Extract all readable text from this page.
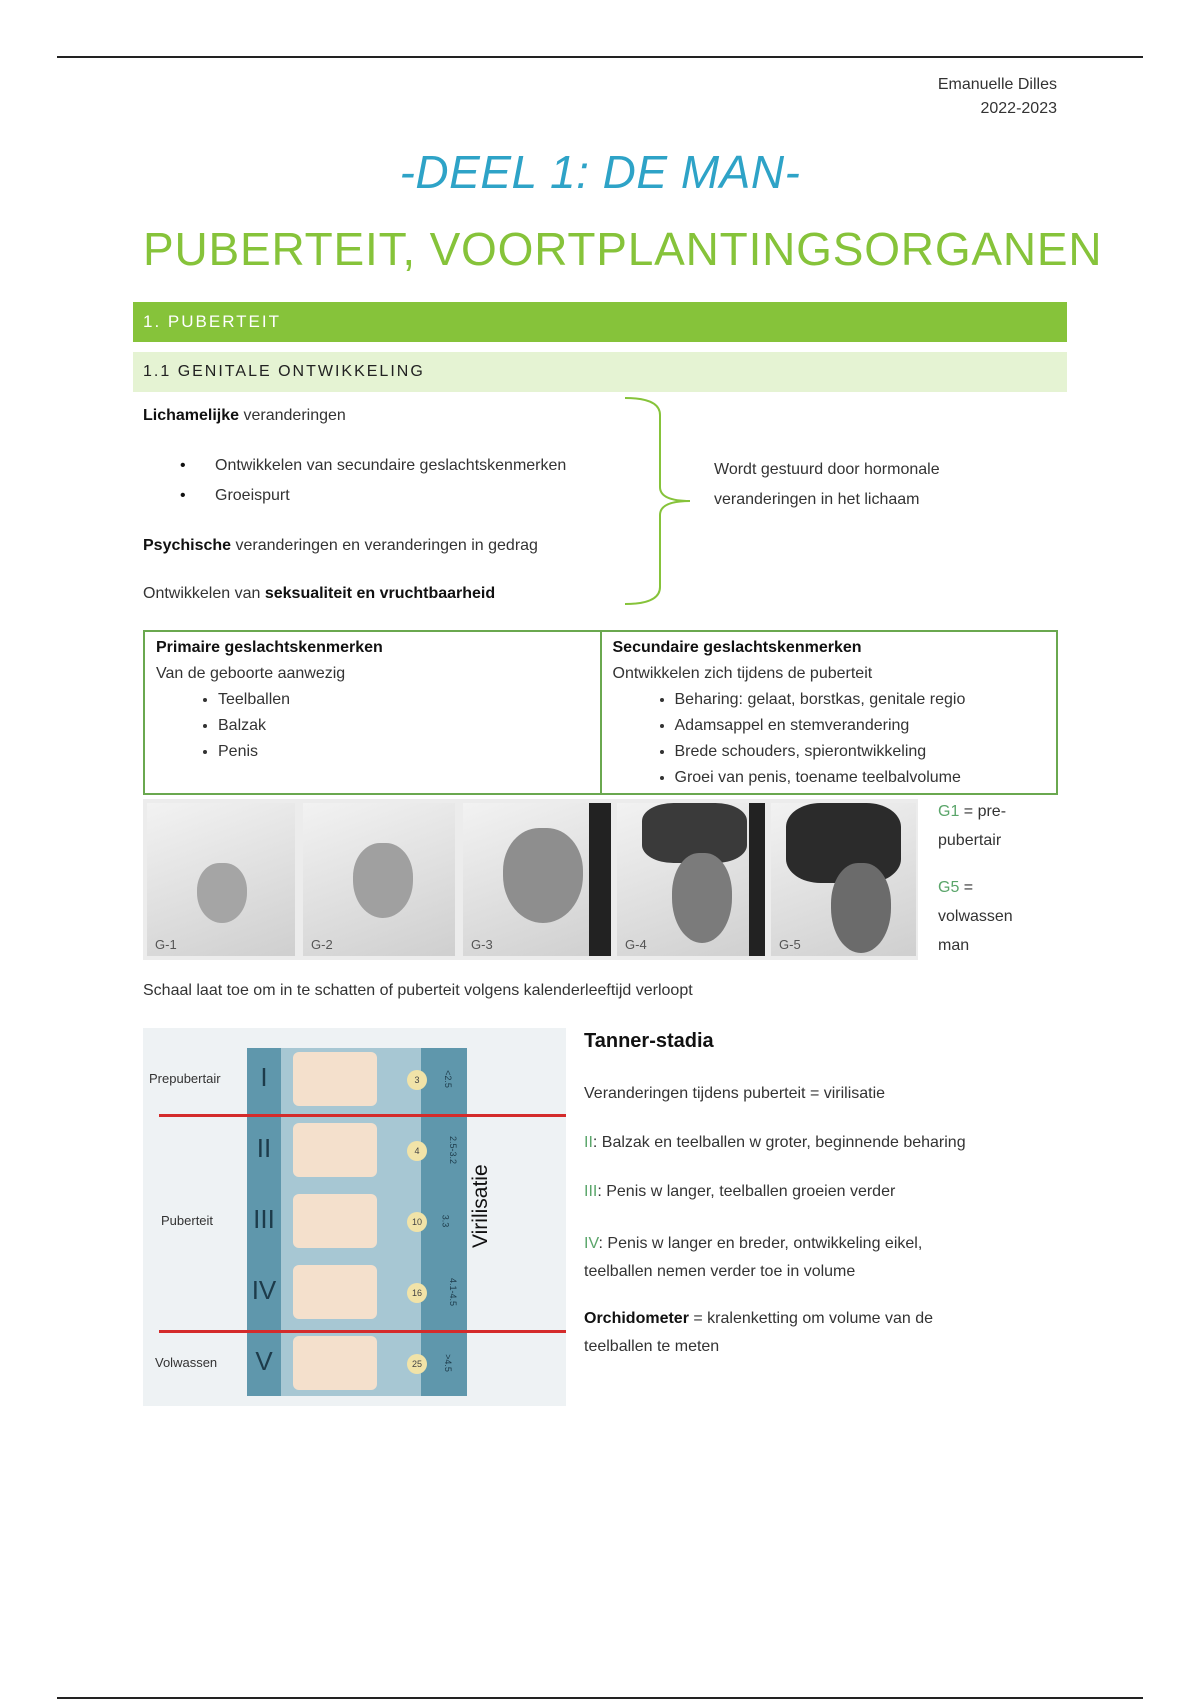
Emanuelle Dilles
2022-2023
-DEEL 1: DE MAN-
PUBERTEIT, VOORTPLANTINGSORGANEN
1. PUBERTEIT
1.1 GENITALE ONTWIKKELING
Lichamelijke veranderingen
• Ontwikkelen van secundaire geslachtskenmerken
• Groeispurt
Psychische veranderingen en veranderingen in gedrag
Ontwikkelen van seksualiteit en vruchtbaarheid
Wordt gestuurd door hormonale
veranderingen in het lichaam
Primaire geslachtskenmerken
Van de geboorte aanwezig
• Teelballen
• Balzak
• Penis

Secundaire geslachtskenmerken
Ontwikkelen zich tijdens de puberteit
• Beharing: gelaat, borstkas, genitale regio
• Adamsappel en stemverandering
• Brede schouders, spierontwikkeling
• Groei van penis, toename teelbalvolume
G-1	G-2	G-3	G-4	G-5
G1 = pre-
pubertair
G5 =
volwassen
man
Schaal laat toe om in te schatten of puberteit volgens kalenderleeftijd verloopt
Prepubertair
Puberteit
Volwassen
I
II
III
IV
V
3
4
10
16
25
<2.5
2.5-3.2
3.3
4.1-4.5
>4.5
Virilisatie
Tanner-stadia
Veranderingen tijdens puberteit = virilisatie
II: Balzak en teelballen w groter, beginnende beharing
III: Penis w langer, teelballen groeien verder
IV: Penis w langer en breder, ontwikkeling eikel,
teelballen nemen verder toe in volume
Orchidometer = kralenketting om volume van de
teelballen te meten
